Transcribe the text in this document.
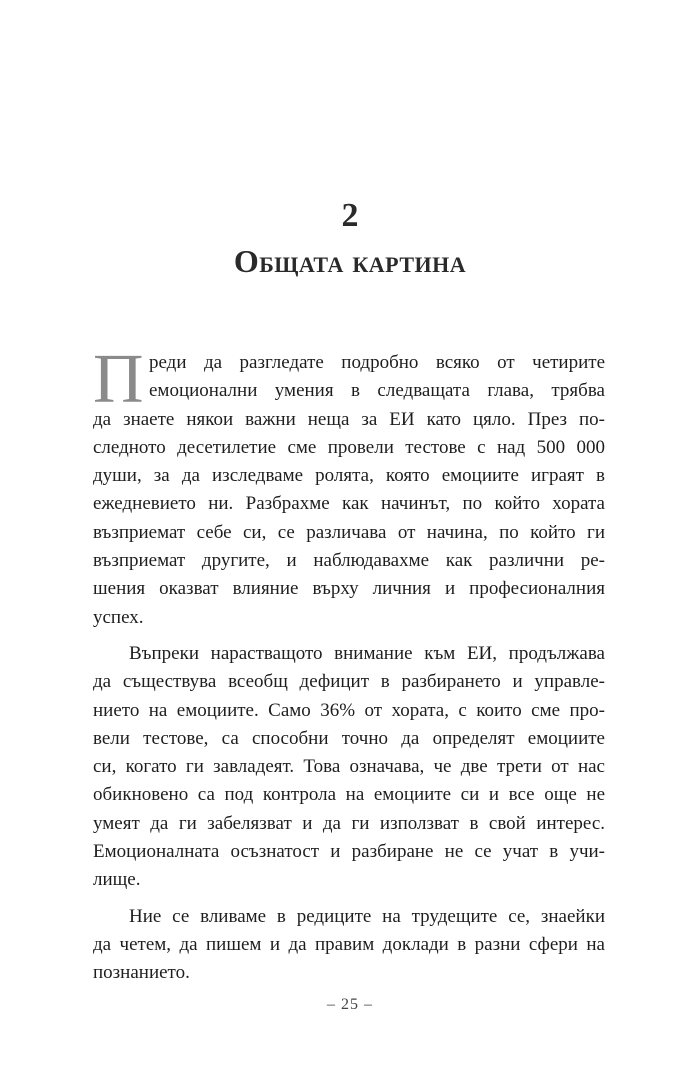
2
Общата картина
П реди да разгледате подробно всяко от четирите
емоционални умения в следващата глава, трябва
да знаете някои важни неща за ЕИ като цяло. През по-
следното десетилетие сме провели тестове с над 500 000
души, за да изследваме ролята, която емоциите играят в
ежедневието ни. Разбрахме как начинът, по който хората
възприемат себе си, се различава от начина, по който ги
възприемат другите, и наблюдавахме как различни ре-
шения оказват влияние върху личния и професионалния
успех.
Въпреки нарастващото внимание към ЕИ, продължава
да съществува всеобщ дефицит в разбирането и управле-
нието на емоциите. Само 36% от хората, с които сме про-
вели тестове, са способни точно да определят емоциите
си, когато ги завладеят. Това означава, че две трети от нас
обикновено са под контрола на емоциите си и все още не
умеят да ги забелязват и да ги използват в свой интерес.
Емоционалната осъзнатост и разбиране не се учат в учи-
лище.
Ние се вливаме в редиците на трудещите се, знаейки
да четем, да пишем и да правим доклади в разни сфери на
познанието.
– 25 –
